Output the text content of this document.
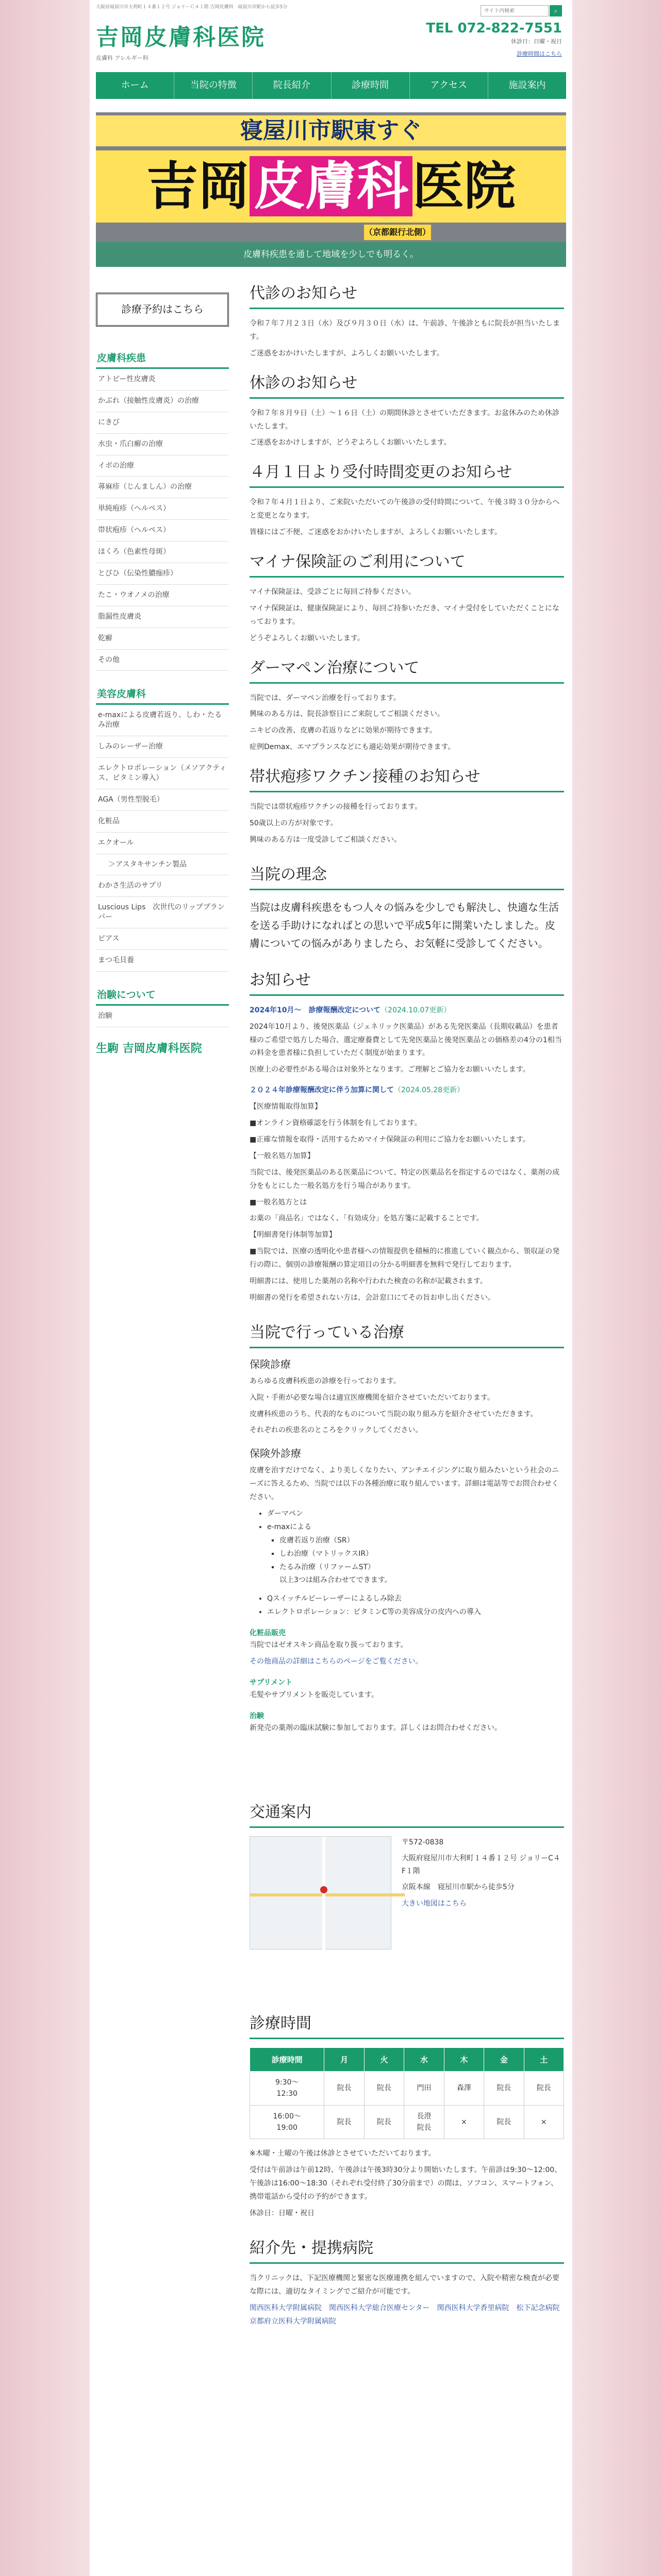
大阪府寝屋川市大利町１４番１２号 ジョリーＣ４１階 吉岡皮膚科　寝屋川市駅から徒歩5分
吉岡皮膚科医院
皮膚科 アレルギー科
サイト内検索
⌕
TEL 072-822-7551
休診日：日曜・祝日
診療時間はこちら
ホーム	当院の特徴	院長紹介	診療時間	アクセス	施設案内
寝屋川市駅東すぐ
吉岡皮膚科医院
（京都銀行北側）
皮膚科疾患を通して地域を少しでも明るく。
診療予約はこちら
皮膚科疾患
アトピー性皮膚炎
かぶれ（接触性皮膚炎）の治療
にきび
水虫・爪白癬の治療
イボの治療
蕁麻疹（じんましん）の治療
単純疱疹（ヘルペス）
帯状疱疹（ヘルペス）
ほくろ（色素性母斑）
とびひ（伝染性膿痂疹）
たこ・ウオノメの治療
脂漏性皮膚炎
乾癬
その他
美容皮膚科
e-maxによる皮膚若返り、しわ・たるみ治療
しみのレーザー治療
エレクトロポレーション（メソアクティス、ビタミン導入）
AGA（男性型脱毛）
化粧品
エクオール
＞アスタキサンチン製品
わかさ生活のサプリ
Luscious Lips　次世代のリッププランパー
ピアス
まつ毛貝養
治験について
治験
生駒 吉岡皮膚科医院
代診のお知らせ

令和７年７月２３日（水）及び９月３０日（水）は、午前診、午後診ともに院長が担当いたします。

ご迷惑をおかけいたしますが、よろしくお願いいたします。

休診のお知らせ

令和７年８月９日（土）〜１６日（土）の期間休診とさせていただきます。お盆休みのため休診いたします。

ご迷惑をおかけしますが、どうぞよろしくお願いいたします。

４月１日より受付時間変更のお知らせ

令和７年４月１日より、ご来院いただいての午後診の受付時間について、午後３時３０分からへと変更となります。

皆様にはご不便、ご迷惑をおかけいたしますが、よろしくお願いいたします。

マイナ保険証のご利用について

マイナ保険証は、受診ごとに毎回ご持参ください。

マイナ保険証は、健康保険証により、毎回ご持参いただき、マイナ受付をしていただくことになっております。

どうぞよろしくお願いいたします。

ダーマペン治療について

当院では、ダーマペン治療を行っております。

興味のある方は、院長診察日にご来院してご相談ください。

ニキビの改善、皮膚の若返りなどに効果が期待できます。

症例Demax、エマプランスなどにも適応効果が期待できます。

帯状疱疹ワクチン接種のお知らせ

当院では帯状疱疹ワクチンの接種を行っております。

50歳以上の方が対象です。

興味のある方は一度受診してご相談ください。

当院の理念

当院は皮膚科疾患をもつ人々の悩みを少しでも解決し、快適な生活を送る手助けになればとの思いで平成5年に開業いたしました。皮膚についての悩みがありましたら、お気軽に受診してください。

お知らせ

2024年10月〜　診療報酬改定について（2024.10.07更新）

2024年10月より、後発医薬品（ジェネリック医薬品）がある先発医薬品（長期収載品）を患者様のご希望で処方した場合、選定療養費として先発医薬品と後発医薬品との価格差の4分の1相当の料金を患者様に負担していただく制度が始まります。

医療上の必要性がある場合は対象外となります。ご理解とご協力をお願いいたします。

２０２４年診療報酬改定に伴う加算に関して（2024.05.28更新）

【医療情報取得加算】

■オンライン資格確認を行う体制を有しております。

■正確な情報を取得・活用するためマイナ保険証の利用にご協力をお願いいたします。

【一般名処方加算】

当院では、後発医薬品のある医薬品について、特定の医薬品名を指定するのではなく、薬剤の成分をもとにした一般名処方を行う場合があります。

■一般名処方とは

お薬の「商品名」ではなく、「有効成分」を処方箋に記載することです。

【明細書発行体制等加算】

■当院では、医療の透明化や患者様への情報提供を積極的に推進していく観点から、領収証の発行の際に、個別の診療報酬の算定項目の分かる明細書を無料で発行しております。

明細書には、使用した薬剤の名称や行われた検査の名称が記載されます。

明細書の発行を希望されない方は、会計窓口にてその旨お申し出ください。

当院で行っている治療
保険診療

あらゆる皮膚科疾患の診療を行っております。

入院・手術が必要な場合は適宜医療機関を紹介させていただいております。

皮膚科疾患のうち、代表的なものについて当院の取り組み方を紹介させていただきます。

それぞれの疾患名のところをクリックしてください。

保険外診療

皮膚を治すだけでなく、より美しくなりたい、アンチエイジングに取り組みたいという社会のニーズに答えるため、当院では以下の各種治療に取り組んでいます。詳細は電話等でお問合わせください。

• ダーマペン
• e-maxによる
▪ 皮膚若返り治療（SR）
▪ しわ治療（マトリックスIR）
▪ たるみ治療（リファームST）
以上3つは組み合わせてできます。
• Qスイッチルビーレーザーによるしみ除去
• エレクトロポレーション：ビタミンC等の美容成分の皮内への導入
化粧品販売

当院ではゼオスキン商品を取り扱っております。

その他商品の詳細はこちらのページをご覧ください。

サプリメント

毛髪やサプリメントを販売しています。

治験

新発売の薬剤の臨床試験に参加しております。詳しくはお問合わせください。

交通案内

〒572-0838

大阪府寝屋川市大利町１４番１２号 ジョリーC４F１階

京阪本線　寝屋川市駅から徒歩5分

大きい地図はこちら

診療時間
診療時間	月	火	水	木	金	土
9:30〜
12:30	院長	院長	門田	森澤	院長	院長
16:00〜
19:00	院長	院長	長澄
院長	×	院長	×

※木曜・土曜の午後は休診とさせていただいております。

受付は午前診は午前12時、午後診は午後3時30分より開始いたします。午前診は9:30〜12:00、午後診は16:00〜18:30（それぞれ受付終了30分前まで）の間は、ソフコン、スマートフォン、携帯電話から受付の予約ができます。

休診日：日曜・祝日

紹介先・提携病院

当クリニックは、下記医療機関と緊密な医療連携を組んでいますので、入院や精密な検査が必要な際には、適切なタイミングでご紹介が可能です。

関西医科大学附属病院　 関西医科大学総合医療センター　 関西医科大学香里病院　 松下記念病院　京都府立医科大学附属病院
